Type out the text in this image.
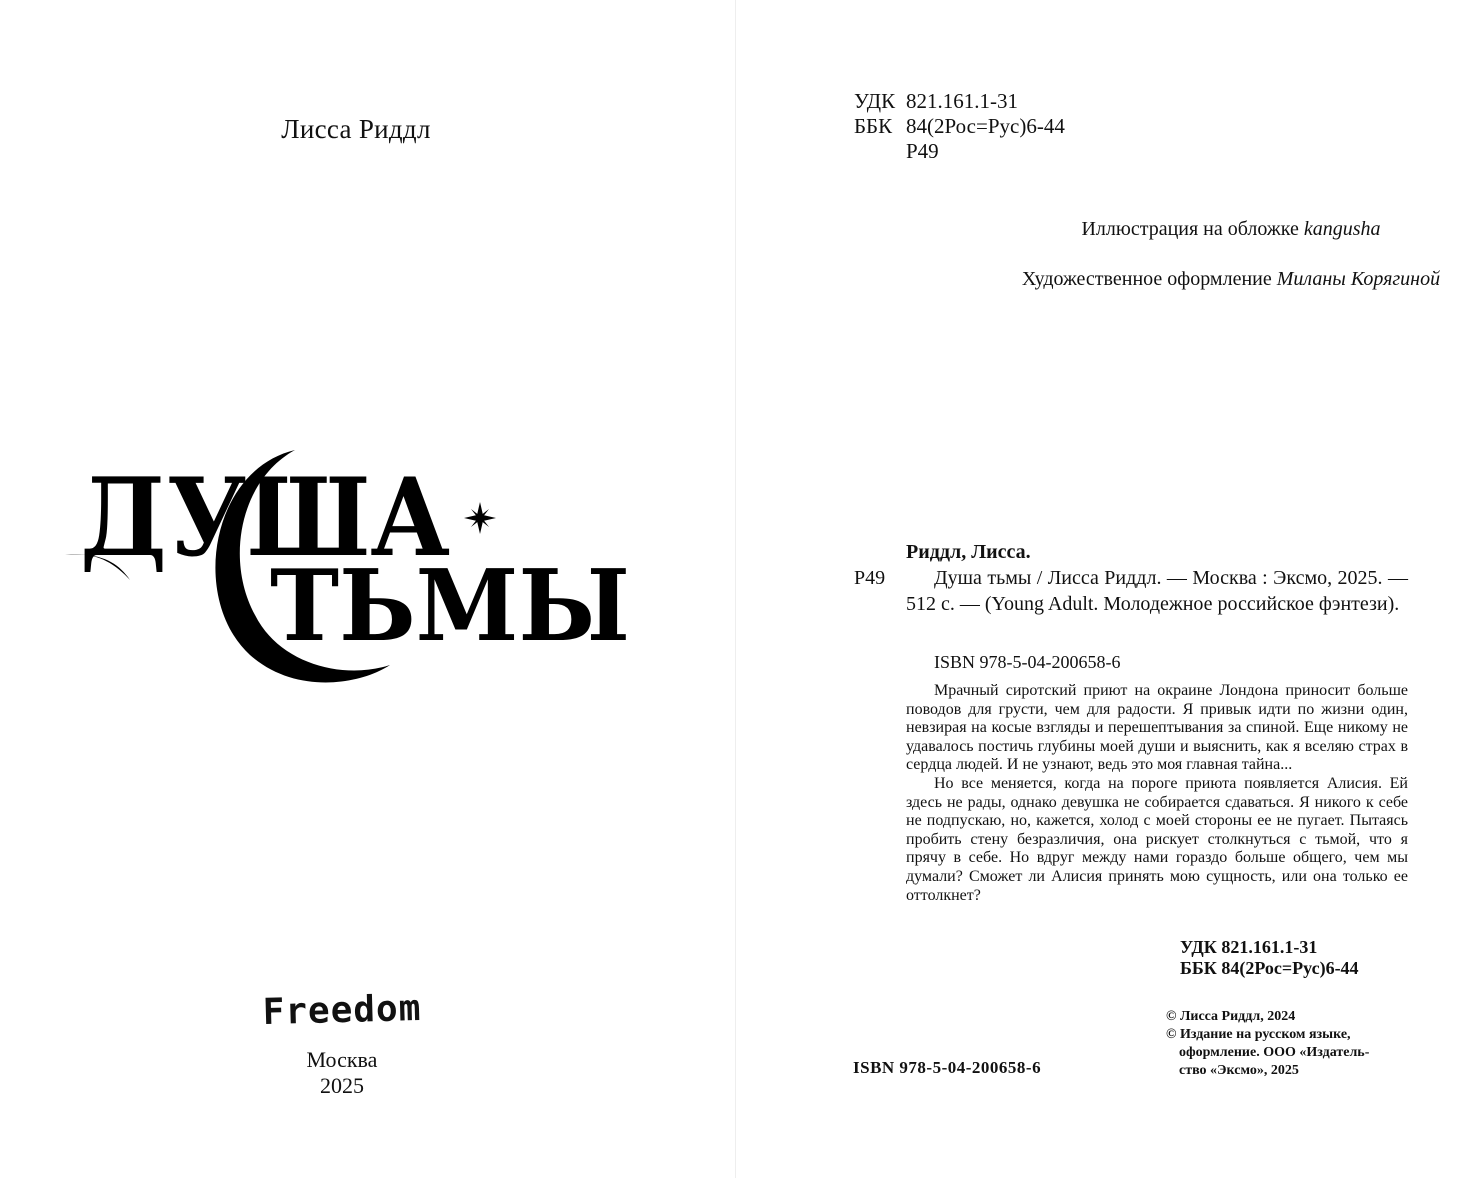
Лисса Риддл
ДУША
ТЬМЫ
Freedom
Москва
2025
УДК 821.161.1-31
ББК 84(2Рос=Рус)6-44
Р49
Иллюстрация на обложке kangusha
Художественное оформление Миланы Корягиной
Риддл, Лисса.
Р49	Душа тьмы / Лисса Риддл. — Москва : Эксмо, 2025. — 512 с. — (Young Adult. Молодежное российское фэнтези).
ISBN 978-5-04-200658-6

Мрачный сиротский приют на окраине Лондона приносит больше поводов для грусти, чем для радости. Я привык идти по жизни один, невзирая на косые взгляды и перешептывания за спиной. Еще никому не удавалось постичь глубины моей души и выяснить, как я вселяю страх в сердца людей. И не узнают, ведь это моя главная тайна...

Но все меняется, когда на пороге приюта появляется Алисия. Ей здесь не рады, однако девушка не собирается сдаваться. Я никого к себе не подпускаю, но, кажется, холод с моей стороны ее не пугает. Пытаясь пробить стену безразличия, она рискует столкнуться с тьмой, что я прячу в себе. Но вдруг между нами гораздо больше общего, чем мы думали? Сможет ли Алисия принять мою сущность, или она только ее оттолкнет?

УДК 821.161.1-31
ББК 84(2Рос=Рус)6-44
© Лисса Риддл, 2024
© Издание на русском языке,
оформление. ООО «Издатель-
ство «Эксмо», 2025
ISBN 978-5-04-200658-6
